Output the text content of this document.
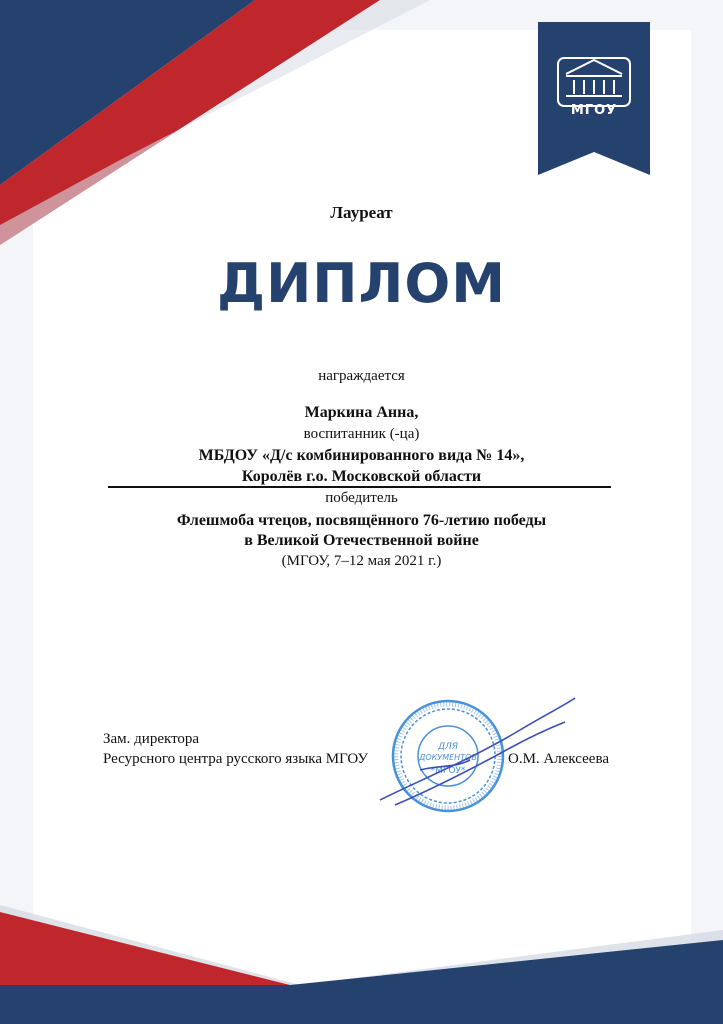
ДЛЯ
ДОКУМЕНТОВ
*МГОУ*
МГОУ
Лауреат
ДИПЛОМ
награждается
Маркина Анна,
воспитанник (-ца)
МБДОУ «Д/с комбинированного вида № 14»,
Королёв г.о. Московской области
победитель
Флешмоба чтецов, посвящённого 76-летию победы
в Великой Отечественной войне
(МГОУ, 7–12 мая 2021 г.)
Зам. директора
Ресурсного центра русского языка МГОУ	О.М. Алексеева
